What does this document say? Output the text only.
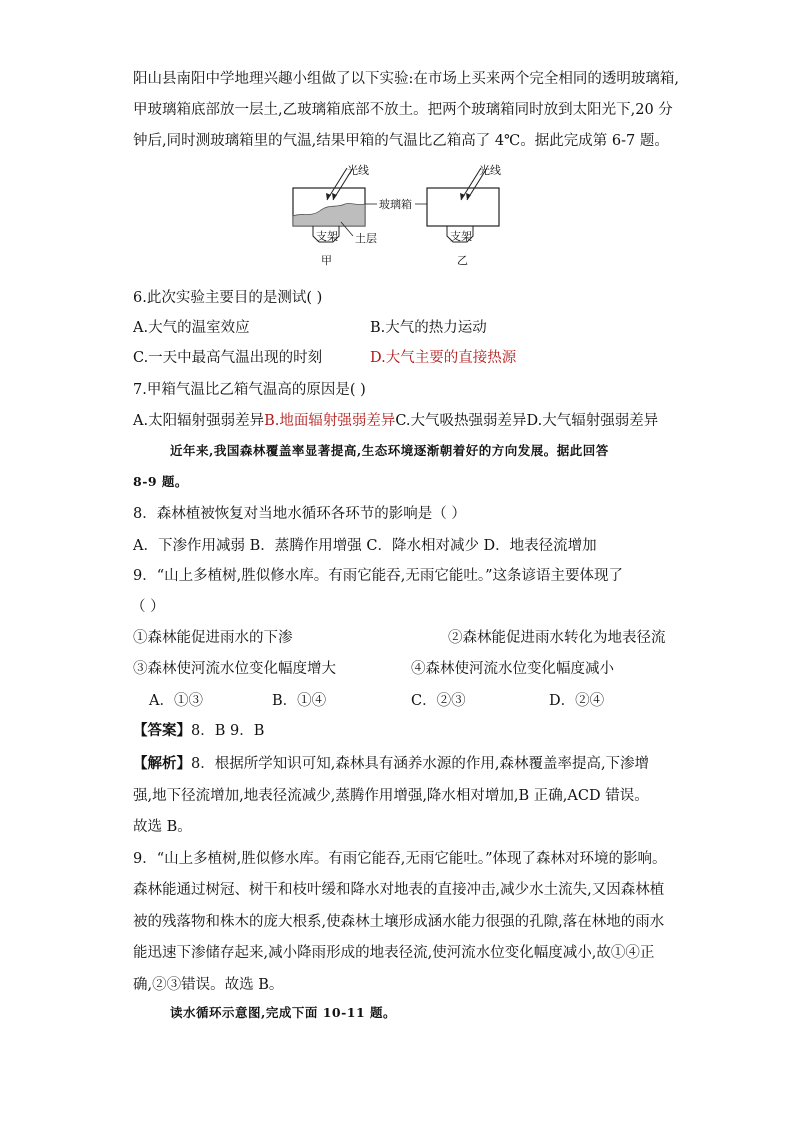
阳山县南阳中学地理兴趣小组做了以下实验:在市场上买来两个完全相同的透明玻璃箱,
甲玻璃箱底部放一层土,乙玻璃箱底部不放土。把两个玻璃箱同时放到太阳光下,20 分
钟后,同时测玻璃箱里的气温,结果甲箱的气温比乙箱高了 4℃。据此完成第 6-7 题。
光线
支架 土层
甲
光线
支架
乙
玻璃箱
6.此次实验主要目的是测试( )
A.大气的温室效应	B.大气的热力运动
C.一天中最高气温出现的时刻	D.大气主要的直接热源
7.甲箱气温比乙箱气温高的原因是( )
A.太阳辐射强弱差异B.地面辐射强弱差异C.大气吸热强弱差异D.大气辐射强弱差异
近年来,我国森林覆盖率显著提高,生态环境逐渐朝着好的方向发展。据此回答
8-9 题。
8．森林植被恢复对当地水循环各环节的影响是（ ）
A．下渗作用减弱 B．蒸腾作用增强 C．降水相对减少 D．地表径流增加
9．“山上多植树,胜似修水库。有雨它能吞,无雨它能吐。”这条谚语主要体现了
（ ）
①森林能促进雨水的下渗	②森林能促进雨水转化为地表径流
③森林使河流水位变化幅度增大	④森林使河流水位变化幅度减小
A．①③	B．①④	C．②③	D．②④
【答案】8．B 9．B
【解析】8．根据所学知识可知,森林具有涵养水源的作用,森林覆盖率提高,下渗增
强,地下径流增加,地表径流减少,蒸腾作用增强,降水相对增加,B 正确,ACD 错误。
故选 B。
9．“山上多植树,胜似修水库。有雨它能吞,无雨它能吐。”体现了森林对环境的影响。
森林能通过树冠、树干和枝叶缓和降水对地表的直接冲击,减少水土流失,又因森林植
被的残落物和株木的庞大根系,使森林土壤形成涵水能力很强的孔隙,落在林地的雨水
能迅速下渗储存起来,减小降雨形成的地表径流,使河流水位变化幅度减小,故①④正
确,②③错误。故选 B。
读水循环示意图,完成下面 10-11 题。
